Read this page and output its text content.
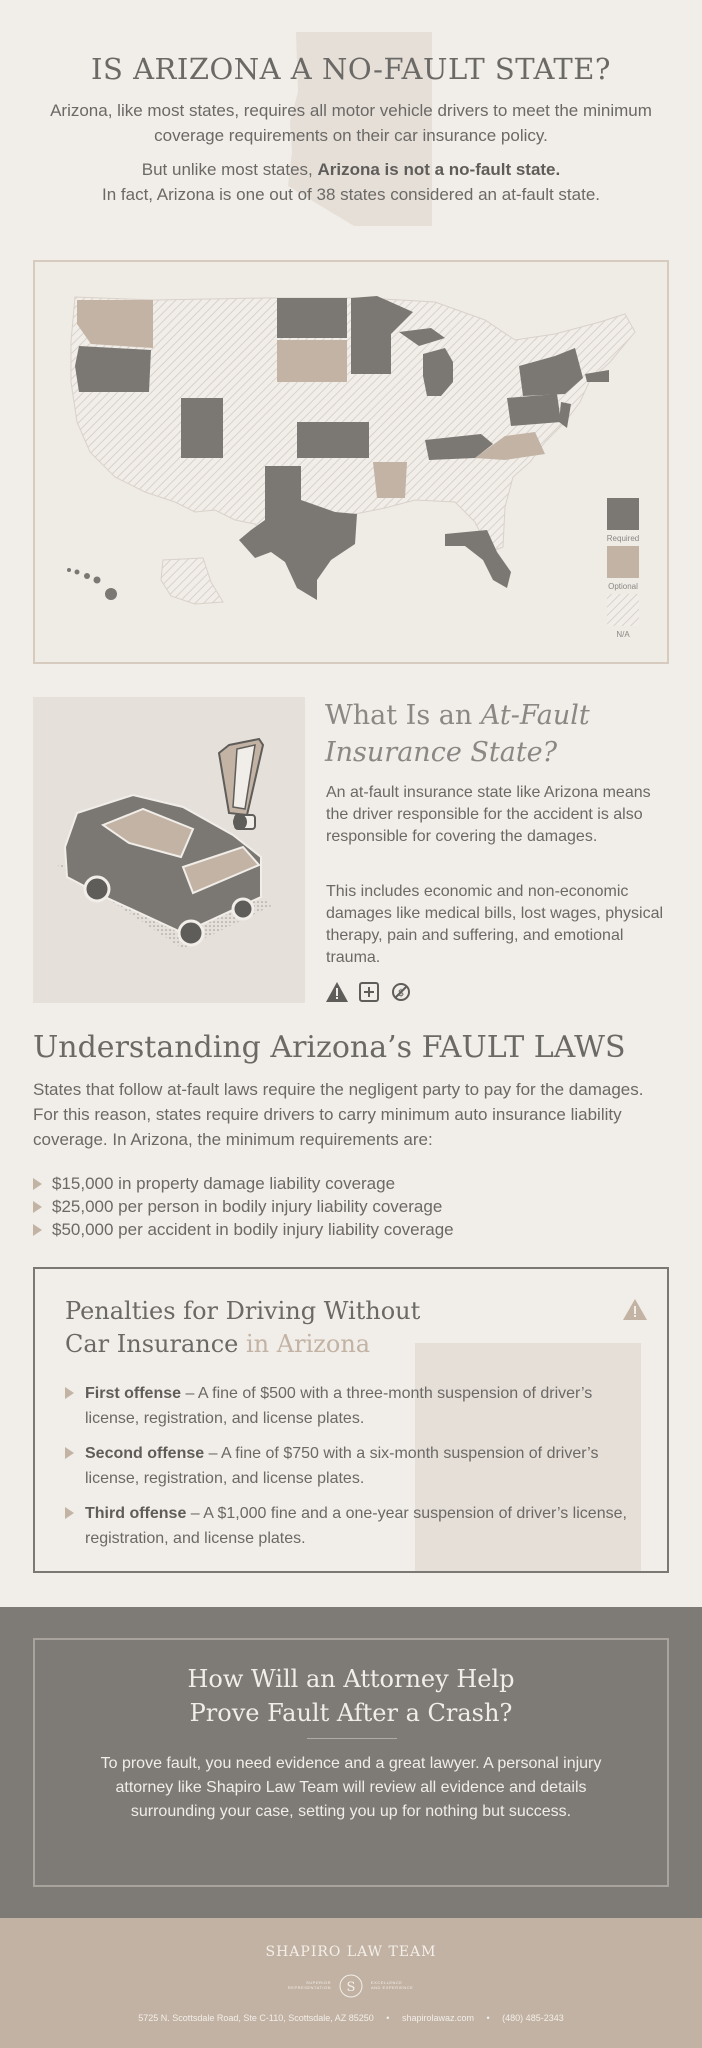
IS ARIZONA A NO-FAULT STATE?

Arizona, like most states, requires all motor vehicle drivers to meet the minimum coverage requirements on their car insurance policy.

But unlike most states, Arizona is not a no-fault state.
In fact, Arizona is one out of 38 states considered an at-fault state.

Required
Optional
N/A
What Is an At-Fault
Insurance State?

An at-fault insurance state like Arizona means the driver responsible for the accident is also responsible for covering the damages.

This includes economic and non-economic damages like medical bills, lost wages, physical therapy, pain and suffering, and emotional trauma.

$
Understanding Arizona’s FAULT LAWS

States that follow at-fault laws require the negligent party to pay for the damages. For this reason, states require drivers to carry minimum auto insurance liability coverage. In Arizona, the minimum requirements are:

$15,000 in property damage liability coverage
$25,000 per person in bodily injury liability coverage
$50,000 per accident in bodily injury liability coverage
Penalties for Driving Without
Car Insurance in Arizona
First offense – A fine of $500 with a three-month suspension of driver’s license, registration, and license plates.
Second offense – A fine of $750 with a six-month suspension of driver’s license, registration, and license plates.
Third offense – A $1,000 fine and a one-year suspension of driver’s license, registration, and license plates.
How Will an Attorney Help Prove Fault After a Crash?

To prove fault, you need evidence and a great lawyer. A personal injury attorney like Shapiro Law Team will review all evidence and details surrounding your case, setting you up for nothing but success.

SHAPIRO LAW TEAM
SUPERIOR
REPRESENTATION S	EXCELLENCE
AND EXPERIENCE
5725 N. Scottsdale Road, Ste C-110, Scottsdale, AZ 85250 • shapirolawaz.com • (480) 485-2343
